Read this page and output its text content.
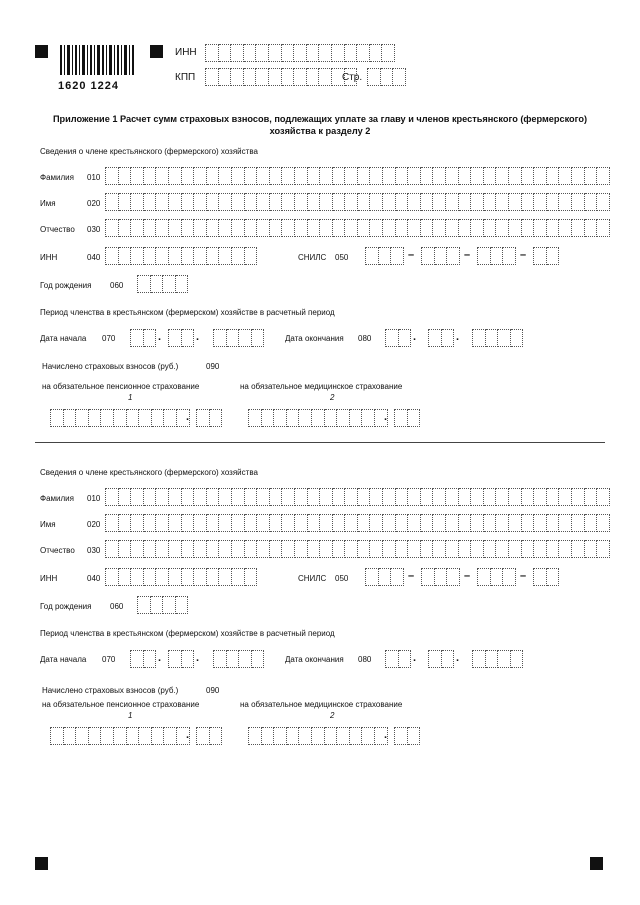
1620 1224
ИНН
КПП	Стр.
Приложение 1 Расчет сумм страховых взносов, подлежащих уплате за главу и членов крестьянского (фермерского) хозяйства к разделу 2
Сведения о члене крестьянского (фермерского) хозяйства
Фамилия 010
Имя	020
Отчество 030
ИНН	040	СНИЛС 050	–	–	–
Год рождения 060
Период членства в крестьянском (фермерском) хозяйстве в расчетный период
Дата начала 070	.	.	Дата окончания 080	.	.
Начислено страховых взносов (руб.)	090
на обязательное пенсионное страхование
1
на обязательное медицинское страхование
2
.	.
Сведения о члене крестьянского (фермерского) хозяйства
Фамилия 010
Имя	020
Отчество 030
ИНН	040	СНИЛС 050	–	–	–
Год рождения 060
Период членства в крестьянском (фермерском) хозяйстве в расчетный период
Дата начала 070	.	.	Дата окончания 080	.	.
Начислено страховых взносов (руб.)	090
на обязательное пенсионное страхование
1
на обязательное медицинское страхование
2
.	.
